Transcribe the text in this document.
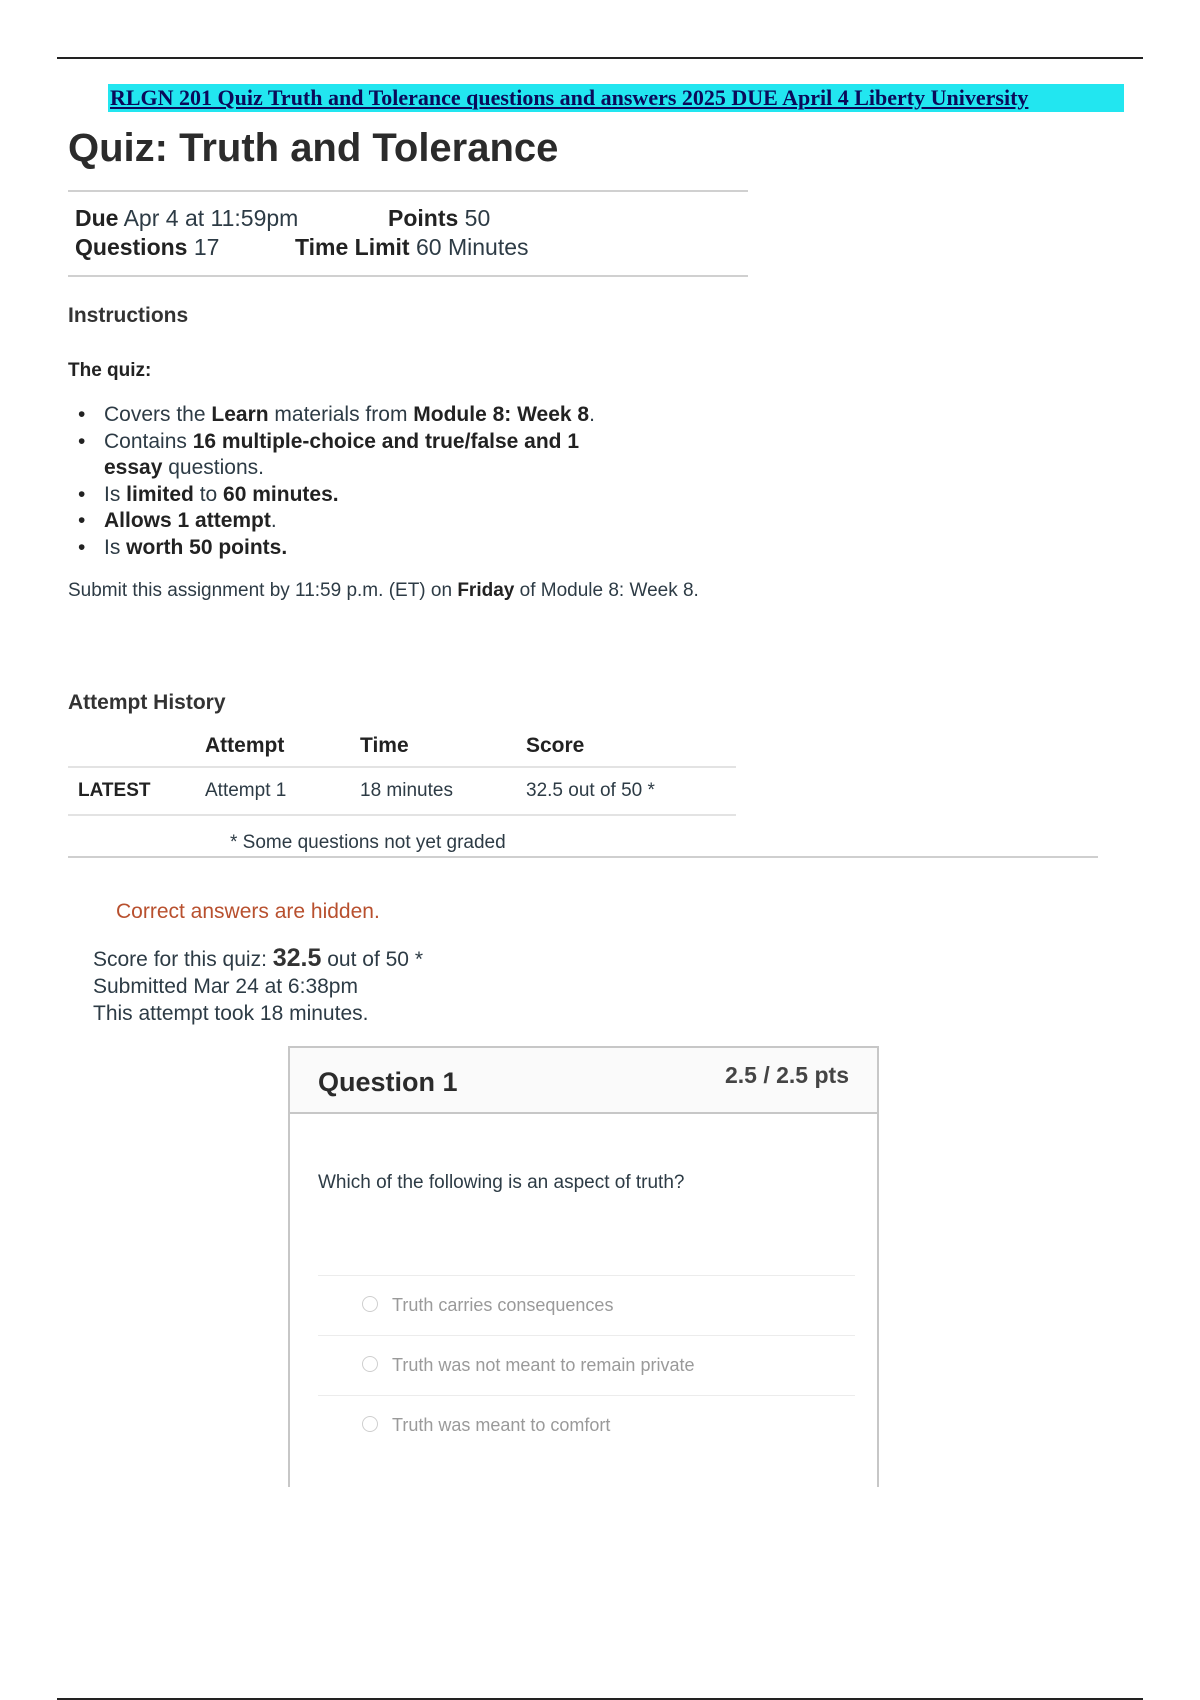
RLGN 201 Quiz Truth and Tolerance questions and answers 2025 DUE April 4 Liberty University
Quiz: Truth and Tolerance
Due Apr 4 at 11:59pm	Points 50
Questions 17	Time Limit 60 Minutes
Instructions
The quiz:
• Covers the Learn materials from Module 8: Week 8.
• Contains 16 multiple-choice and true/false and 1 essay questions.
• Is limited to 60 minutes.
• Allows 1 attempt.
• Is worth 50 points.
Submit this assignment by 11:59 p.m. (ET) on Friday of Module 8: Week 8.
Attempt History
	Attempt	Time	Score
LATEST	Attempt 1	18 minutes	32.5 out of 50 *
* Some questions not yet graded
Correct answers are hidden.
Score for this quiz: 32.5 out of 50 *
Submitted Mar 24 at 6:38pm
This attempt took 18 minutes.
Question 1	2.5 / 2.5 pts
Which of the following is an aspect of truth?
Truth carries consequences
Truth was not meant to remain private
Truth was meant to comfort
